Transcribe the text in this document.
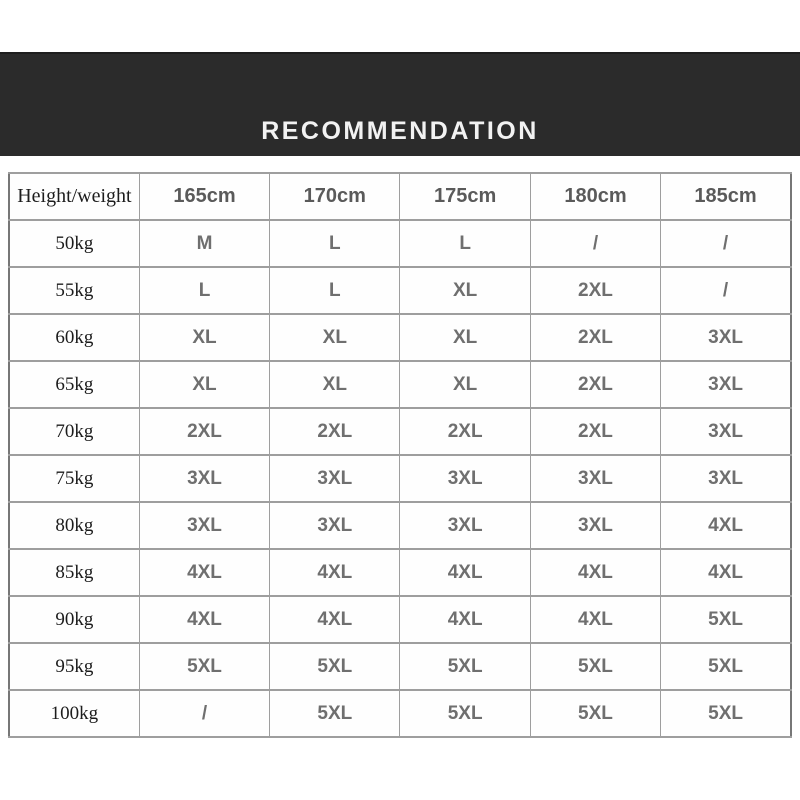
RECOMMENDATION
Height/weight	165cm	170cm	175cm	180cm	185cm
50kg	M	L	L	/	/
55kg	L	L	XL	2XL	/
60kg	XL	XL	XL	2XL	3XL
65kg	XL	XL	XL	2XL	3XL
70kg	2XL	2XL	2XL	2XL	3XL
75kg	3XL	3XL	3XL	3XL	3XL
80kg	3XL	3XL	3XL	3XL	4XL
85kg	4XL	4XL	4XL	4XL	4XL
90kg	4XL	4XL	4XL	4XL	5XL
95kg	5XL	5XL	5XL	5XL	5XL
100kg	/	5XL	5XL	5XL	5XL
